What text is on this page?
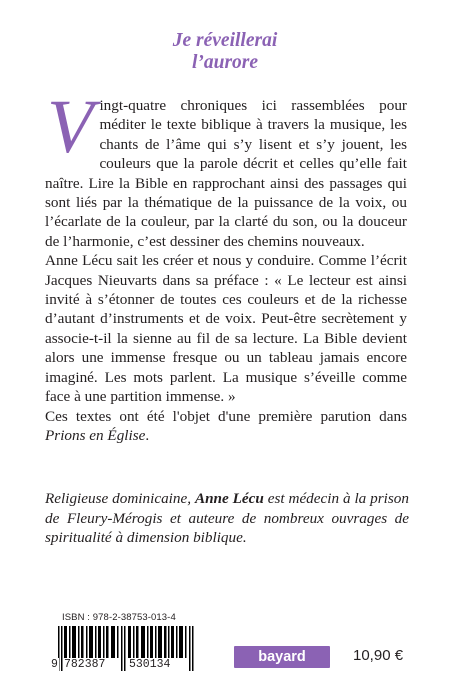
Je réveillerai
l’aurore

Vingt-quatre chroniques ici rassemblées pour méditer le texte biblique à travers la musique, les chants de l’âme qui s’y lisent et s’y jouent, les couleurs que la parole décrit et celles qu’elle fait naître. Lire la Bible en rapprochant ainsi des passages qui sont liés par la thématique de la puissance de la voix, ou l’écarlate de la couleur, par la clarté du son, ou la douceur de l’harmonie, c’est dessiner des chemins nouveaux.

Anne Lécu sait les créer et nous y conduire. Comme l’écrit Jacques Nieuvarts dans sa préface : « Le lecteur est ainsi invité à s’étonner de toutes ces couleurs et de la richesse d’autant d’instruments et de voix. Peut-être secrètement y associe-t-il la sienne au fil de sa lecture. La Bible devient alors une immense fresque ou un tableau jamais encore imaginé. Les mots parlent. La musique s’éveille comme face à une partition immense. »

Ces textes ont été l'objet d'une première parution dans Prions en Église.

Religieuse dominicaine, Anne Lécu est médecin à la prison de Fleury-Mérogis et auteure de nombreux ouvrages de spiritualité à dimension biblique.
ISBN : 978-2-38753-013-4
9 782387 530134	bayard religion
10,90 €
